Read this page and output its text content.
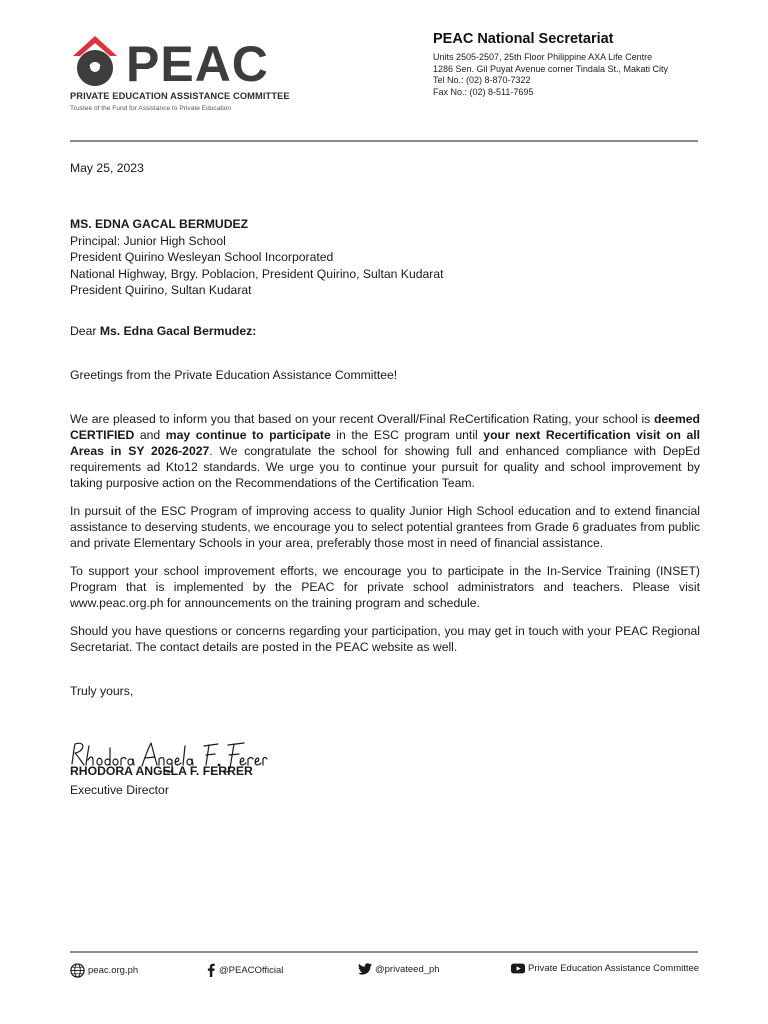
PEAC
PRIVATE EDUCATION ASSISTANCE COMMITTEE
Trustee of the Fund for Assistance to Private Education
PEAC National Secretariat
Units 2505-2507, 25th Floor Philippine AXA Life Centre
1286 Sen. Gil Puyat Avenue corner Tindala St., Makati City
Tel No.: (02) 8-870-7322
Fax No.: (02) 8-511-7695
May 25, 2023
MS. EDNA GACAL BERMUDEZ
Principal: Junior High School
President Quirino Wesleyan School Incorporated
National Highway, Brgy. Poblacion, President Quirino, Sultan Kudarat
President Quirino, Sultan Kudarat
Dear Ms. Edna Gacal Bermudez:
Greetings from the Private Education Assistance Committee!
We are pleased to inform you that based on your recent Overall/Final ReCertification Rating, your school is deemed CERTIFIED and may continue to participate in the ESC program until your next Recertification visit on all Areas in SY 2026-2027. We congratulate the school for showing full and enhanced compliance with DepEd requirements ad Kto12 standards. We urge you to continue your pursuit for quality and school improvement by taking purposive action on the Recommendations of the Certification Team.
In pursuit of the ESC Program of improving access to quality Junior High School education and to extend financial assistance to deserving students, we encourage you to select potential grantees from Grade 6 graduates from public and private Elementary Schools in your area, preferably those most in need of financial assistance.
To support your school improvement efforts, we encourage you to participate in the In-Service Training (INSET) Program that is implemented by the PEAC for private school administrators and teachers. Please visit www.peac.org.ph for announcements on the training program and schedule.
Should you have questions or concerns regarding your participation, you may get in touch with your PEAC Regional Secretariat. The contact details are posted in the PEAC website as well.
Truly yours,
RHODORA ANGELA F. FERRER
Executive Director
peac.org.ph	@PEACOfficial	@privateed_ph	Private Education Assistance Committee
